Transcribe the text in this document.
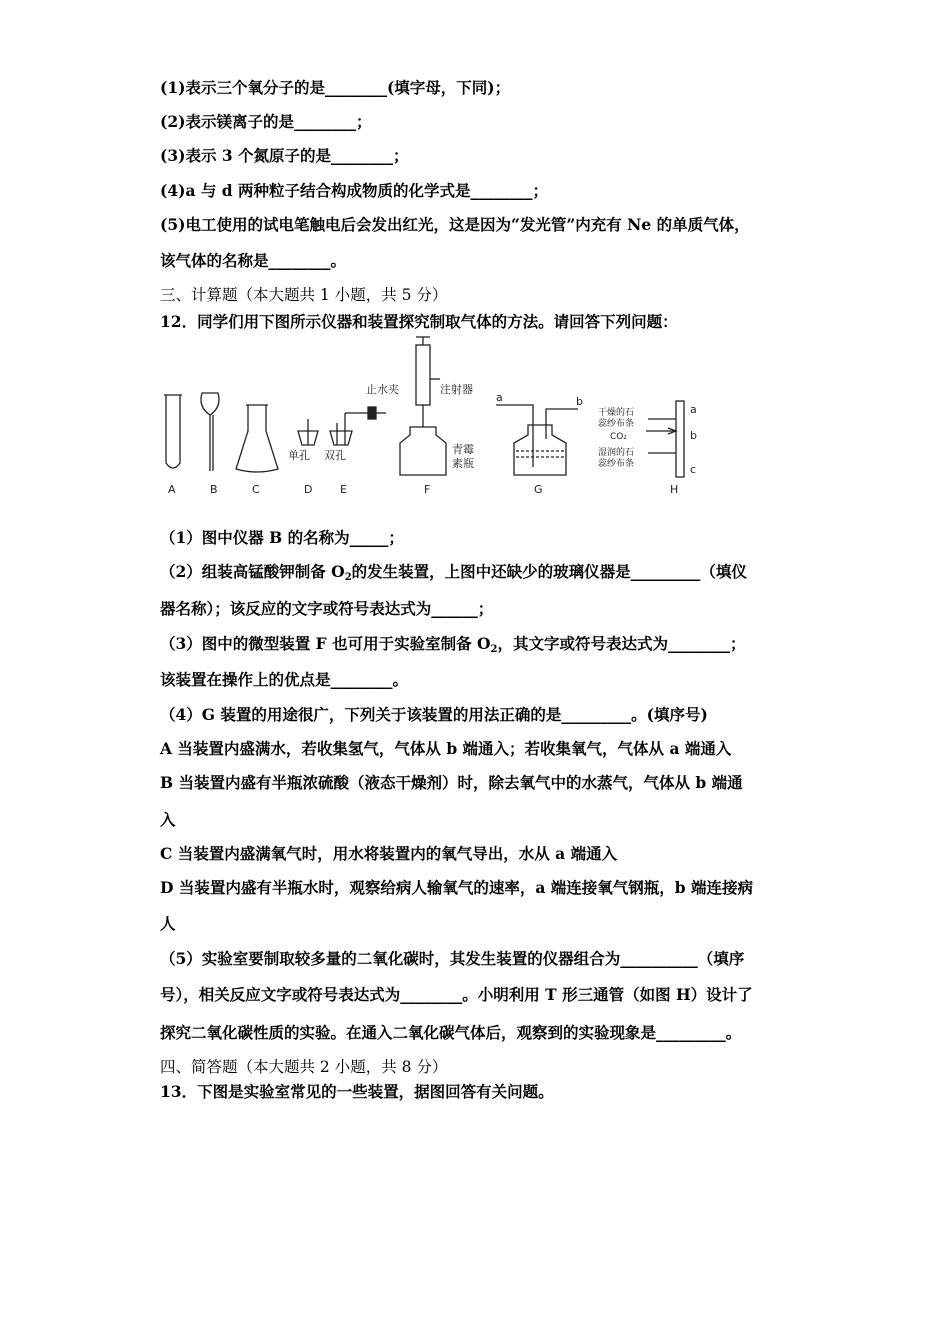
(1)表示三个氧分子的是________(填字母，下同)；
(2)表示镁离子的是________；
(3)表示 3 个氮原子的是________；
(4)a 与 d 两种粒子结合构成物质的化学式是________；
(5)电工使用的试电笔触电后会发出红光，这是因为“发光管”内充有 Ne 的单质气体，
该气体的名称是________。
三、计算题（本大题共 1 小题，共 5 分）
12．同学们用下图所示仪器和装置探究制取气体的方法。请回答下列问题：
止水夹	注射器
单孔 双孔	青霉
素瓶
a	b
干燥的石
蕊纱布条
CO₂
湿润的石
蕊纱布条
a
b
c
A	B	C	D	E	F	G	H
（1）图中仪器 B 的名称为_____；
（2）组装高锰酸钾制备 $O_2$的发生装置，上图中还缺少的玻璃仪器是_________（填仪
器名称）；该反应的文字或符号表达式为______；
（3）图中的微型装置 F 也可用于实验室制备 $O_2$，其文字或符号表达式为________；
该装置在操作上的优点是________。
（4）G 装置的用途很广，下列关于该装置的用法正确的是_________。(填序号)
A 当装置内盛满水，若收集氢气，气体从 b 端通入；若收集氧气，气体从 a 端通入
B 当装置内盛有半瓶浓硫酸（液态干燥剂）时，除去氧气中的水蒸气，气体从 b 端通
入
C 当装置内盛满氧气时，用水将装置内的氧气导出，水从 a 端通入
D 当装置内盛有半瓶水时，观察给病人输氧气的速率，a 端连接氧气钢瓶，b 端连接病
人
（5）实验室要制取较多量的二氧化碳时，其发生装置的仪器组合为__________（填序
号），相关反应文字或符号表达式为________。小明利用 T 形三通管（如图 H）设计了
探究二氧化碳性质的实验。在通入二氧化碳气体后，观察到的实验现象是_________。
四、简答题（本大题共 2 小题，共 8 分）
13．下图是实验室常见的一些装置，据图回答有关问题。
